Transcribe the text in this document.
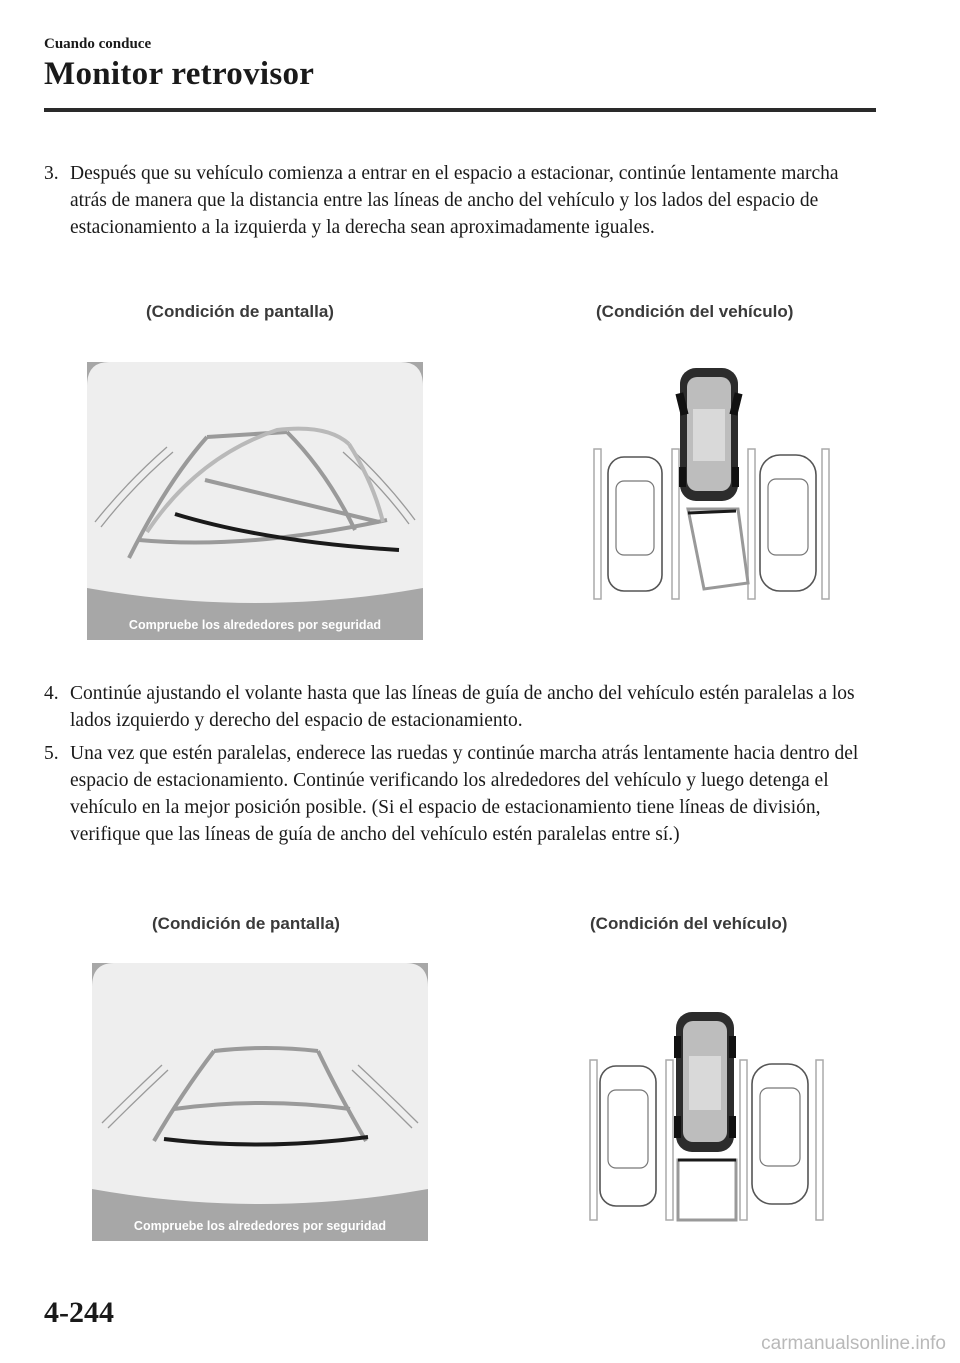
Cuando conduce
Monitor retrovisor
3. Después que su vehículo comienza a entrar en el espacio a estacionar, continúe lentamente marcha atrás de manera que la distancia entre las líneas de ancho del vehículo y los lados del espacio de estacionamiento a la izquierda y la derecha sean aproximadamente iguales.
(Condición de pantalla)	(Condición del vehículo)
Compruebe los alrededores por seguridad
4. Continúe ajustando el volante hasta que las líneas de guía de ancho del vehículo estén paralelas a los lados izquierdo y derecho del espacio de estacionamiento.
5. Una vez que estén paralelas, enderece las ruedas y continúe marcha atrás lentamente hacia dentro del espacio de estacionamiento. Continúe verificando los alrededores del vehículo y luego detenga el vehículo en la mejor posición posible. (Si el espacio de estacionamiento tiene líneas de división, verifique que las líneas de guía de ancho del vehículo estén paralelas entre sí.)
(Condición de pantalla)	(Condición del vehículo)
Compruebe los alrededores por seguridad
4-244
carmanualsonline.info
